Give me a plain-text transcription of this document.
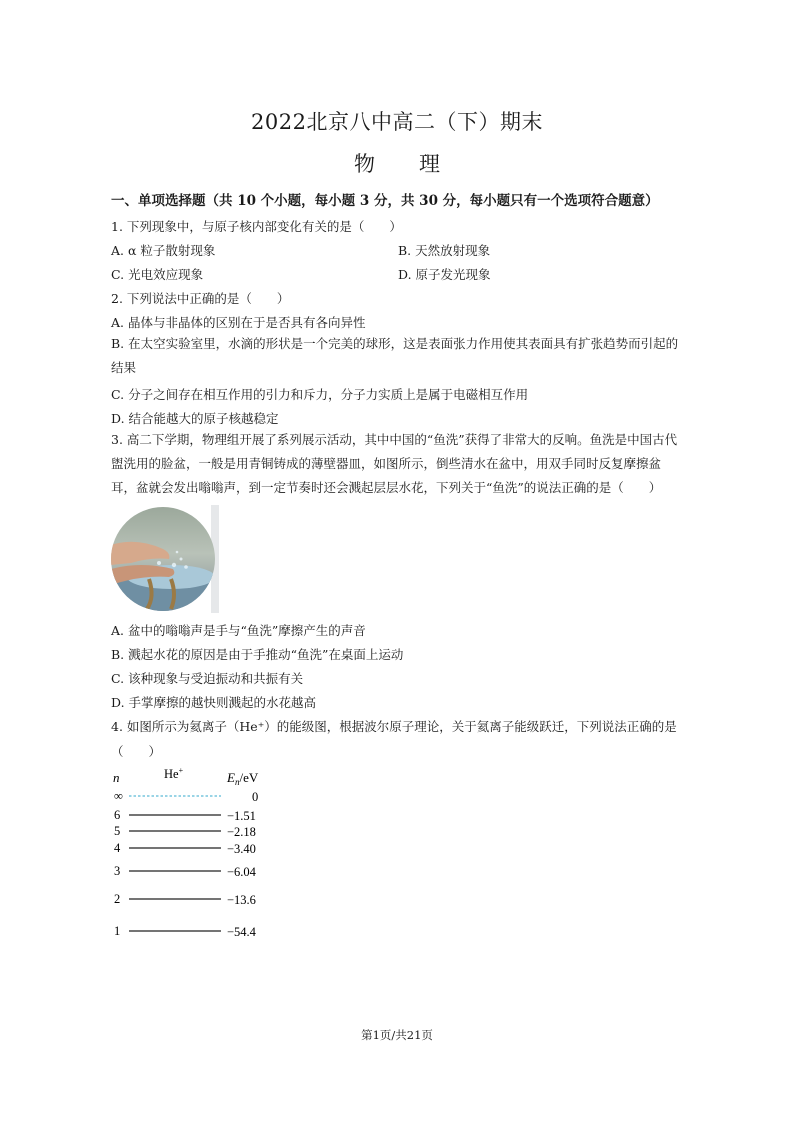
2022北京八中高二（下）期末
物 理
一、单项选择题（共 10 个小题，每小题 3 分，共 30 分，每小题只有一个选项符合题意）
1. 下列现象中，与原子核内部变化有关的是（　　）
A. α 粒子散射现象	B. 天然放射现象
C. 光电效应现象	D. 原子发光现象
2. 下列说法中正确的是（　　）
A. 晶体与非晶体的区别在于是否具有各向异性
B. 在太空实验室里，水滴的形状是一个完美的球形，这是表面张力作用使其表面具有扩张趋势而引起的结果
C. 分子之间存在相互作用的引力和斥力，分子力实质上是属于电磁相互作用
D. 结合能越大的原子核越稳定
3. 高二下学期，物理组开展了系列展示活动，其中中国的“鱼洗”获得了非常大的反响。鱼洗是中国古代盥洗用的脸盆，一般是用青铜铸成的薄壁器皿，如图所示，倒些清水在盆中，用双手同时反复摩擦盆耳，盆就会发出嗡嗡声，到一定节奏时还会溅起层层水花，下列关于“鱼洗”的说法正确的是（　　）
A. 盆中的嗡嗡声是手与“鱼洗”摩擦产生的声音
B. 溅起水花的原因是由于手推动“鱼洗”在桌面上运动
C. 该种现象与受迫振动和共振有关
D. 手掌摩擦的越快则溅起的水花越高
4. 如图所示为氦离子（He⁺）的能级图，根据波尔原子理论，关于氦离子能级跃迁，下列说法正确的是
（　　）
n	He+	$E_n/eV$
∞	0
6	−1.51
5	−2.18
4	−3.40
3	−6.04
2	−13.6
1	−54.4
第1页/共21页
